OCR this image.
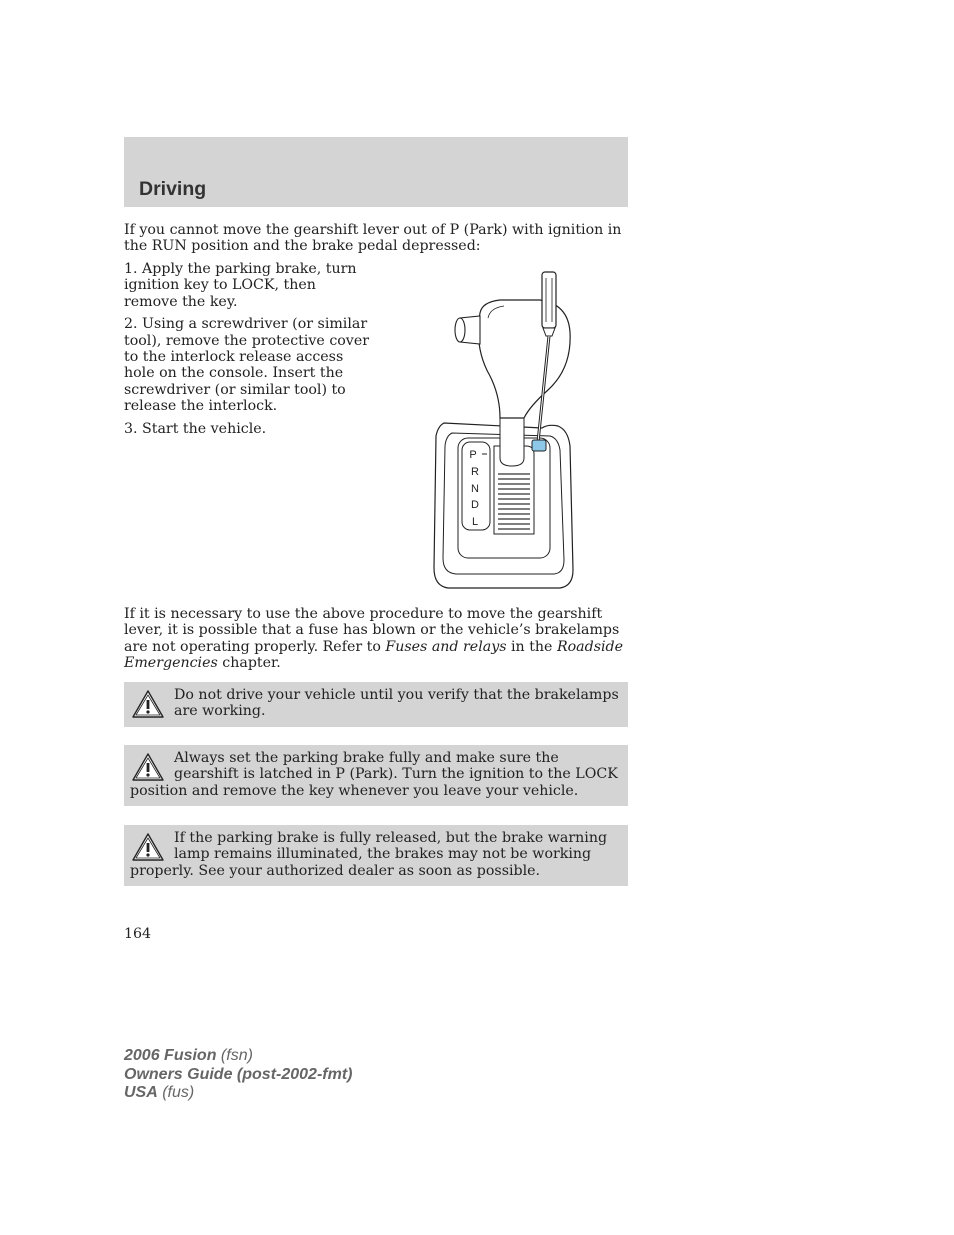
Driving

If you cannot move the gearshift lever out of P (Park) with ignition in the RUN position and the brake pedal depressed:

1. Apply the parking brake, turn ignition key to LOCK, then remove the key.

2. Using a screwdriver (or similar tool), remove the protective cover to the interlock release access hole on the console. Insert the screwdriver (or similar tool) to release the interlock.

3. Start the vehicle.

P
R
N
D
L

If it is necessary to use the above procedure to move the gearshift lever, it is possible that a fuse has blown or the vehicle’s brakelamps are not operating properly. Refer to Fuses and relays in the Roadside Emergencies chapter.

Do not drive your vehicle until you verify that the brakelamps are working.

Always set the parking brake fully and make sure the gearshift is latched in P (Park). Turn the ignition to the LOCK position and remove the key whenever you leave your vehicle.

If the parking brake is fully released, but the brake warning lamp remains illuminated, the brakes may not be working properly. See your authorized dealer as soon as possible.

164
2006 Fusion (fsn)
Owners Guide (post-2002-fmt)
USA (fus)
